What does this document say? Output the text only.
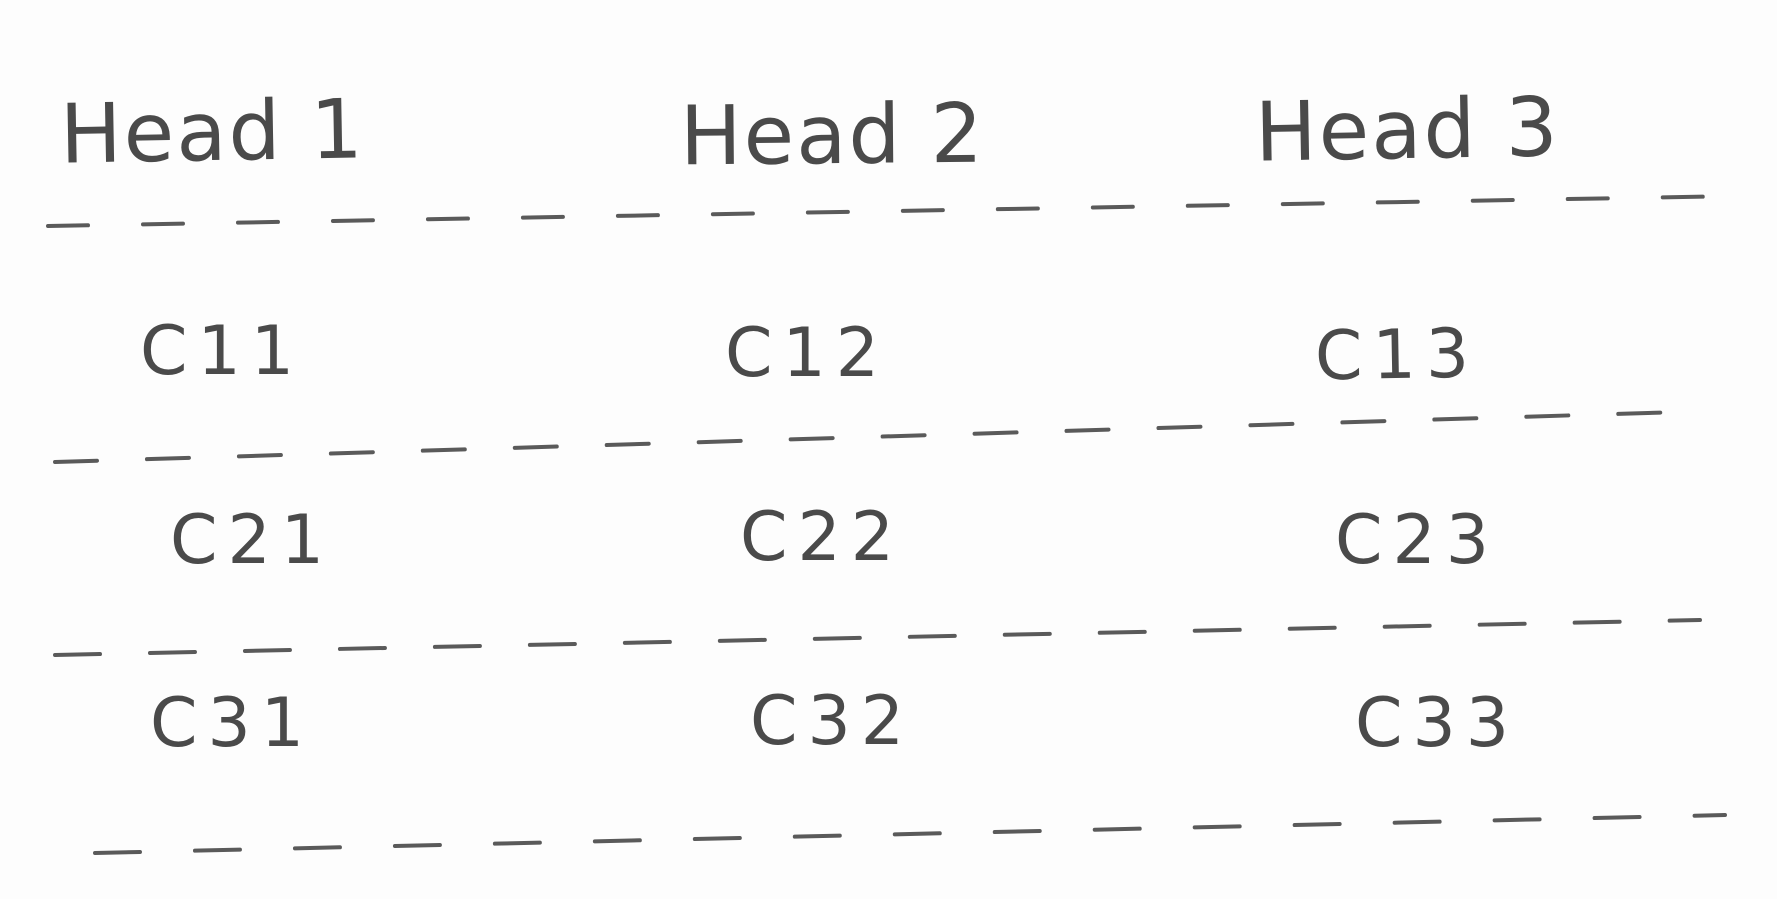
Head 1	Head 2	Head 3
C11	C12	C13
C21	C22	C23
C31	C32	C33
